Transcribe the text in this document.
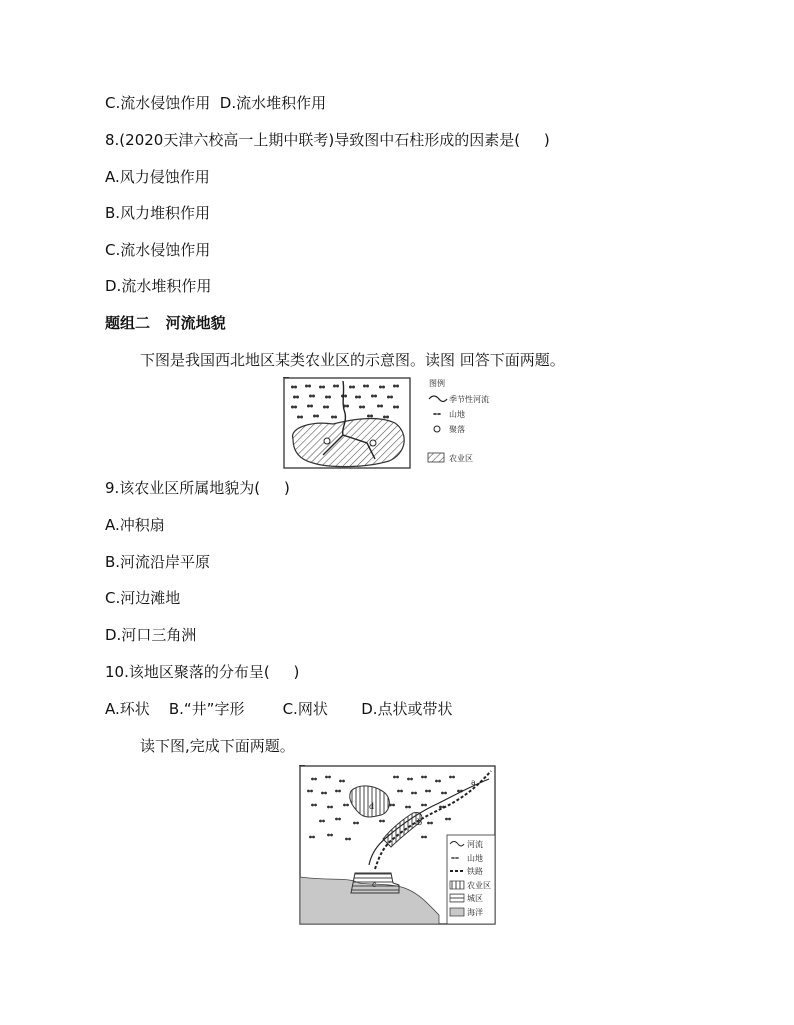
C.流水侵蚀作用  D.流水堆积作用
8.(2020天津六校高一上期中联考)导致图中石柱形成的因素是(     )
A.风力侵蚀作用
B.风力堆积作用
C.流水侵蚀作用
D.流水堆积作用
题组二   河流地貌
下图是我国西北地区某类农业区的示意图。读图 回答下面两题。
图例
季节性河流
山地
聚落
农业区
9.该农业区所属地貌为(     )
A.冲积扇
B.河流沿岸平原
C.河边滩地
D.河口三角洲
10.该地区聚落的分布呈(     )
A.环状    B.“井”字形        C.网状       D.点状或带状
读下图,完成下面两题。
a
b
c
d
河流
山地
铁路
农业区
城区
海洋
